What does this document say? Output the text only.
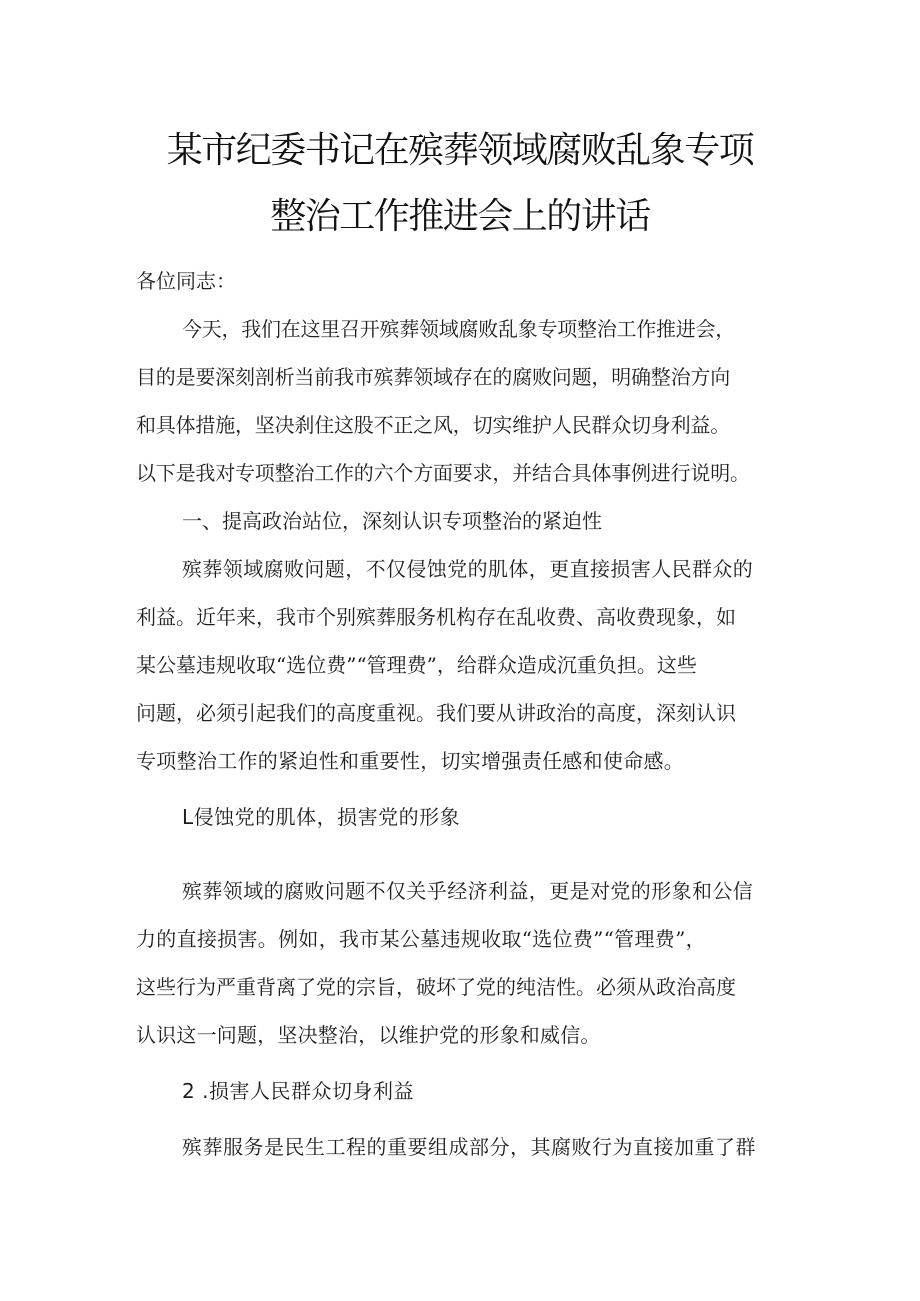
某市纪委书记在殡葬领域腐败乱象专项
整治工作推进会上的讲话
各位同志：
今天，我们在这里召开殡葬领域腐败乱象专项整治工作推进会，
目的是要深刻剖析当前我市殡葬领域存在的腐败问题，明确整治方向
和具体措施，坚决刹住这股不正之风，切实维护人民群众切身利益。
以下是我对专项整治工作的六个方面要求，并结合具体事例进行说明。
一、提高政治站位，深刻认识专项整治的紧迫性
殡葬领域腐败问题，不仅侵蚀党的肌体，更直接损害人民群众的
利益。近年来，我市个别殡葬服务机构存在乱收费、高收费现象，如
某公墓违规收取“选位费”“管理费”，给群众造成沉重负担。这些
问题，必须引起我们的高度重视。我们要从讲政治的高度，深刻认识
专项整治工作的紧迫性和重要性，切实增强责任感和使命感。
L侵蚀党的肌体，损害党的形象
殡葬领域的腐败问题不仅关乎经济利益，更是对党的形象和公信
力的直接损害。例如，我市某公墓违规收取“选位费”“管理费”，
这些行为严重背离了党的宗旨，破坏了党的纯洁性。必须从政治高度
认识这一问题，坚决整治，以维护党的形象和威信。
2 .损害人民群众切身利益
殡葬服务是民生工程的重要组成部分，其腐败行为直接加重了群
